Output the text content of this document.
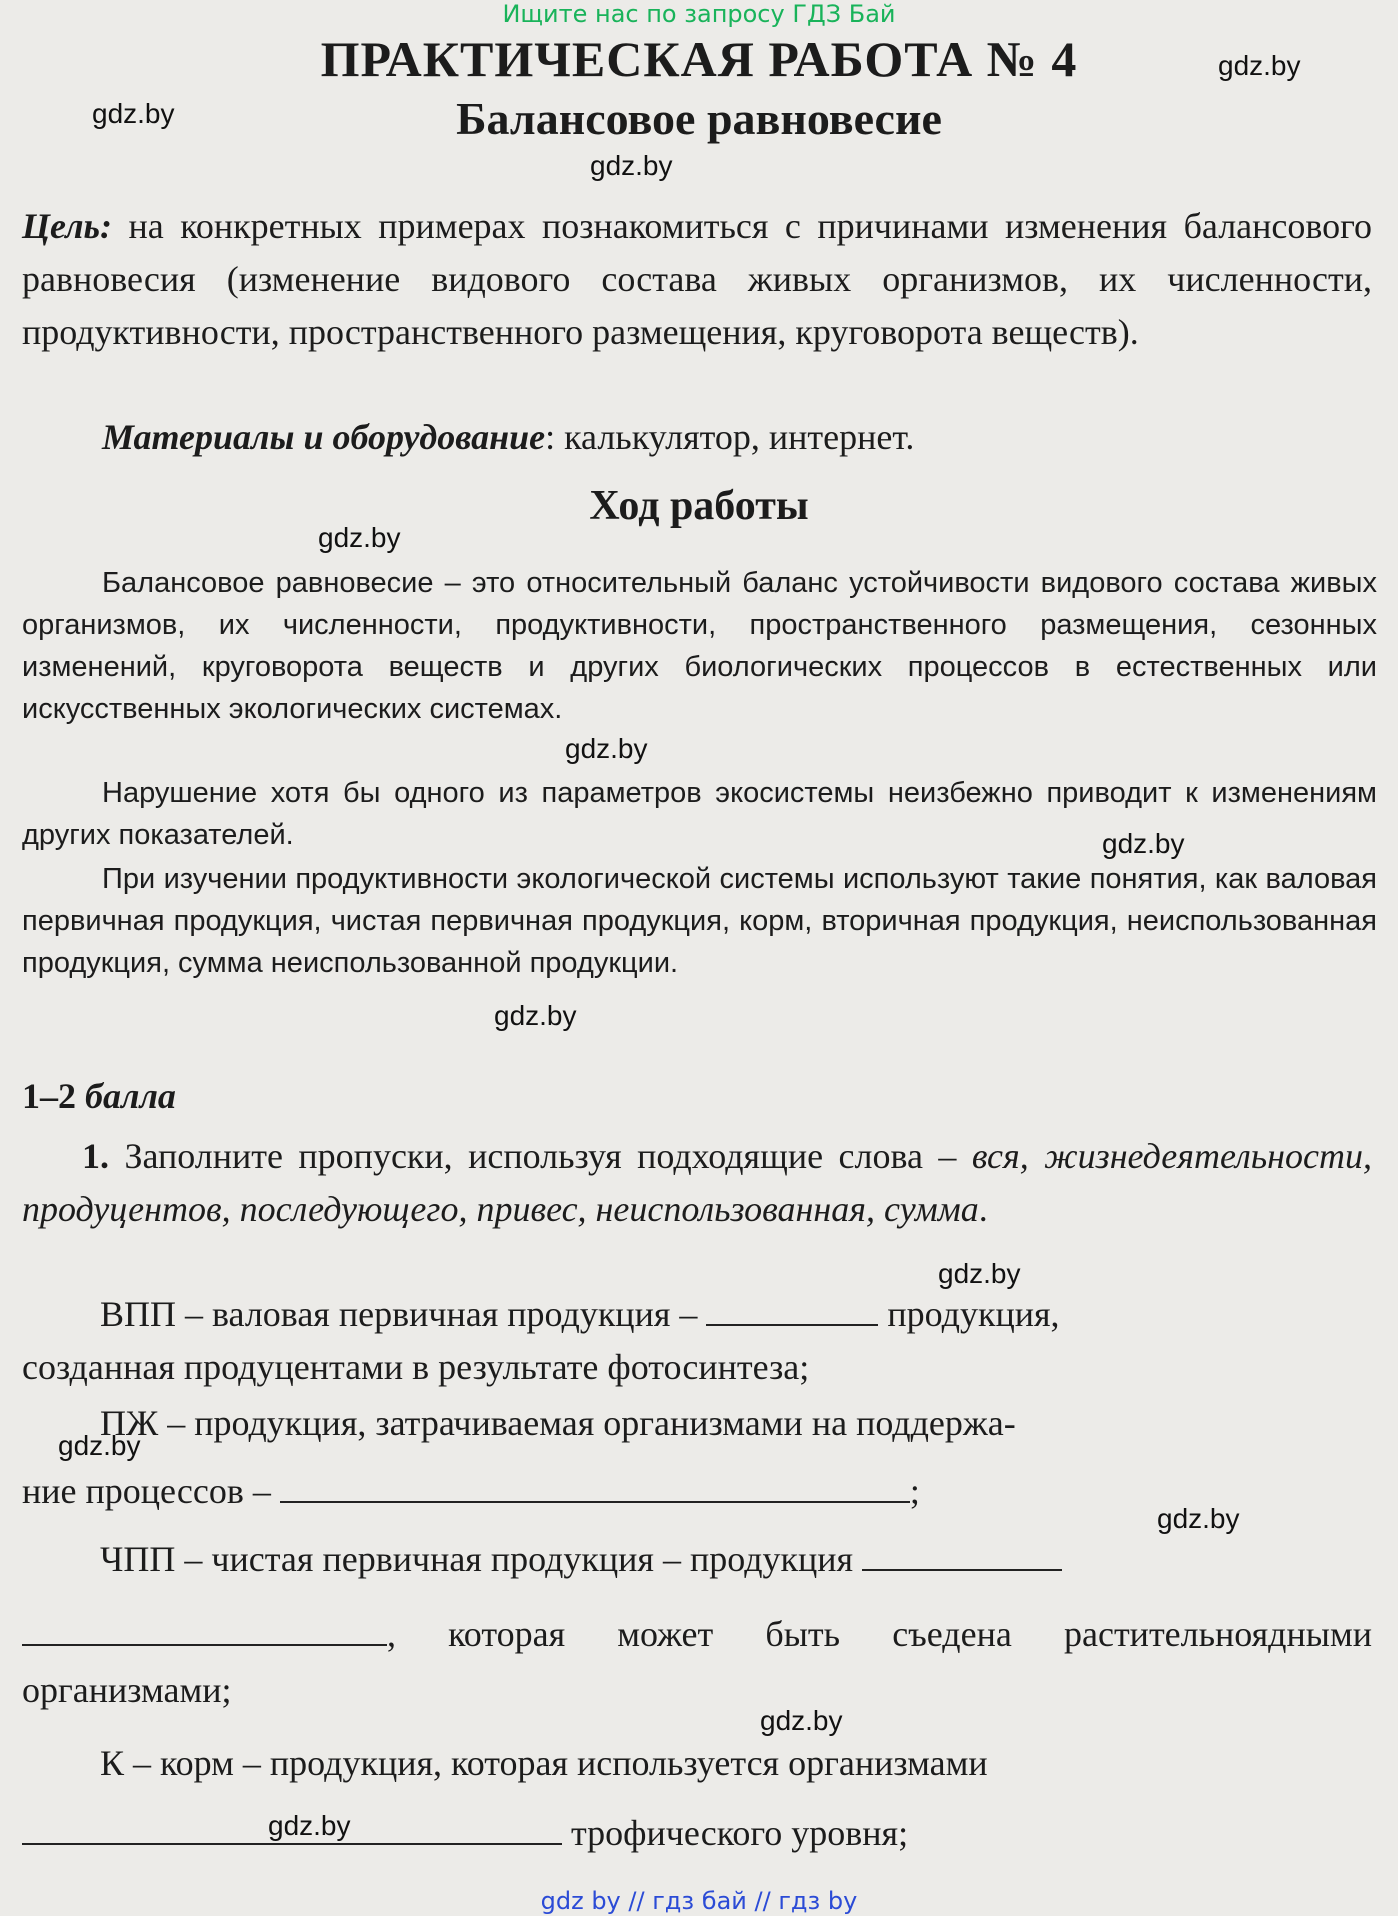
Ищите нас по запросу ГДЗ Бай
ПРАКТИЧЕСКАЯ РАБОТА № 4
Балансовое равновесие
Цель: на конкретных примерах познакомиться с причинами изменения балансового равновесия (изменение видового состава живых организмов, их численности, продуктивности, пространственного размещения, круговорота веществ).
Материалы и оборудование: калькулятор, интернет.
Ход работы
Балансовое равновесие – это относительный баланс устойчивости видового состава живых организмов, их численности, продуктивности, пространственного размещения, сезонных изменений, круговорота веществ и других биологических процессов в естественных или искусственных экологических системах.
Нарушение хотя бы одного из параметров экосистемы неизбежно приводит к изменениям других показателей.
При изучении продуктивности экологической системы используют такие понятия, как валовая первичная продукция, чистая первичная продукция, корм, вторичная продукция, неиспользованная продукция, сумма неиспользованной продукции.
1–2 балла
1. Заполните пропуски, используя подходящие слова – вся, жизнедеятельности, продуцентов, последующего, привес, неиспользованная, сумма.
ВПП – валовая первичная продукция –	продукция,
созданная продуцентами в результате фотосинтеза;
ПЖ – продукция, затрачиваемая организмами на поддержа-
ние процессов –	;
ЧПП – чистая первичная продукция – продукция
, которая может быть съедена растительноядными организмами;
К – корм – продукция, которая используется организмами
трофического уровня;
gdz.by
gdz.by
gdz.by
gdz.by
gdz.by
gdz.by
gdz.by
gdz.by
gdz.by
gdz.by
gdz.by
gdz.by
gdz by // гдз бай // гдз by
